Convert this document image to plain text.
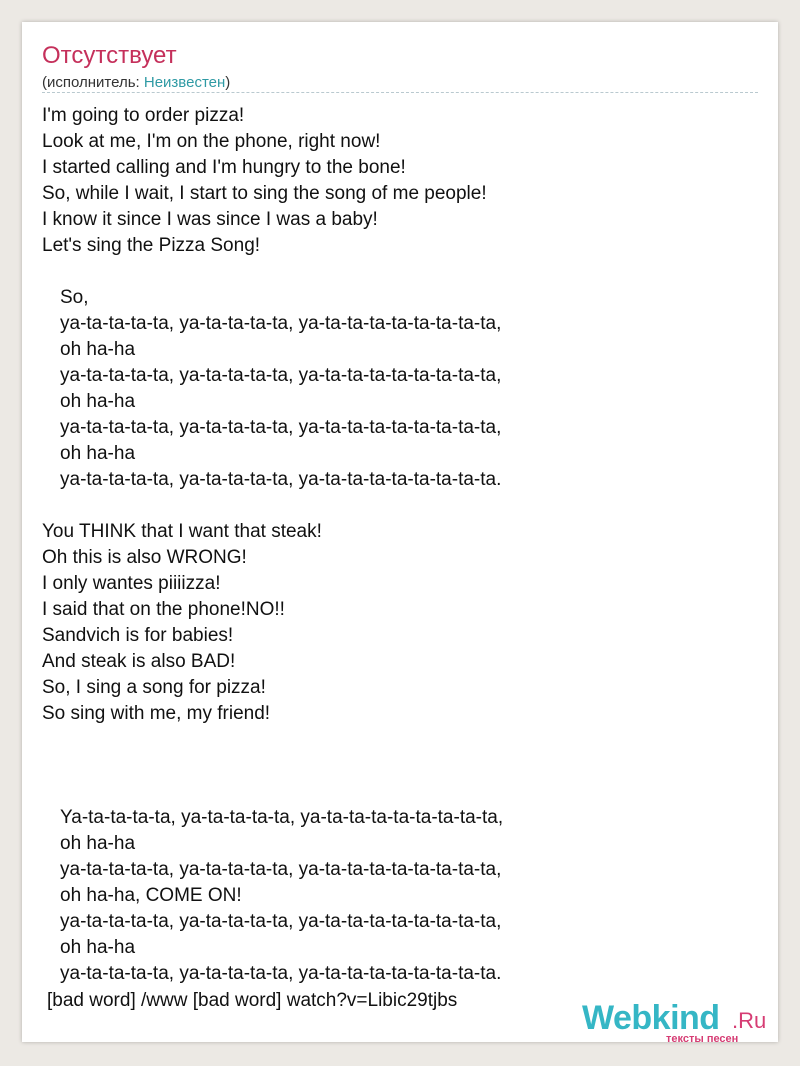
Отсутствует
(исполнитель: Неизвестен)
I'm going to order pizza!
Look at me, I'm on the phone, right now!
I started calling and I'm hungry to the bone!
So, while I wait, I start to sing the song of me people!
I know it since I was since I was a baby!
Let's sing the Pizza Song!
So,
ya-ta-ta-ta-ta, ya-ta-ta-ta-ta, ya-ta-ta-ta-ta-ta-ta-ta-ta,
oh ha-ha
ya-ta-ta-ta-ta, ya-ta-ta-ta-ta, ya-ta-ta-ta-ta-ta-ta-ta-ta,
oh ha-ha
ya-ta-ta-ta-ta, ya-ta-ta-ta-ta, ya-ta-ta-ta-ta-ta-ta-ta-ta,
oh ha-ha
ya-ta-ta-ta-ta, ya-ta-ta-ta-ta, ya-ta-ta-ta-ta-ta-ta-ta-ta.
You THINK that I want that steak!
Oh this is also WRONG!
I only wantes piiiizza!
I said that on the phone!NO!!
Sandvich is for babies!
And steak is also BAD!
So, I sing a song for pizza!
So sing with me, my friend!
Ya-ta-ta-ta-ta, ya-ta-ta-ta-ta, ya-ta-ta-ta-ta-ta-ta-ta-ta,
oh ha-ha
ya-ta-ta-ta-ta, ya-ta-ta-ta-ta, ya-ta-ta-ta-ta-ta-ta-ta-ta,
oh ha-ha, COME ON!
ya-ta-ta-ta-ta, ya-ta-ta-ta-ta, ya-ta-ta-ta-ta-ta-ta-ta-ta,
oh ha-ha
ya-ta-ta-ta-ta, ya-ta-ta-ta-ta, ya-ta-ta-ta-ta-ta-ta-ta-ta.
[bad word] /www [bad word] watch?v=Libic29tjbs	Webkind .Ru
тексты песен
